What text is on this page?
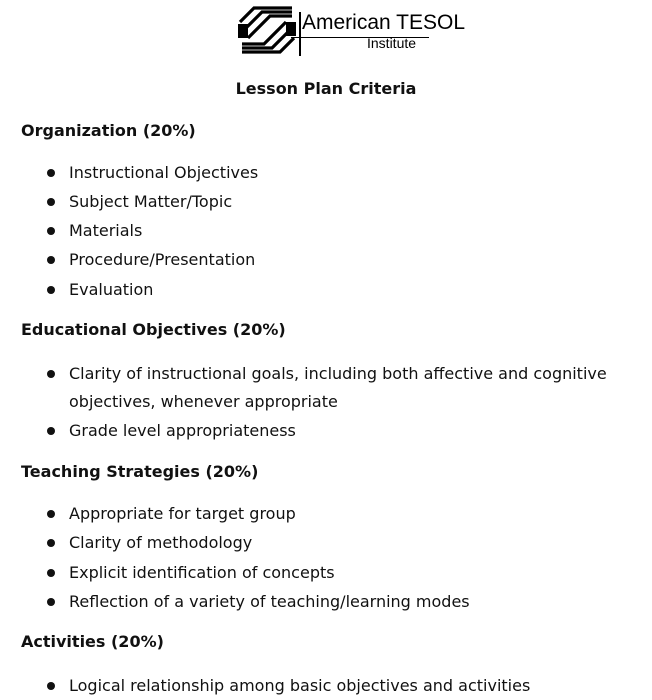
American TESOL
Institute
Lesson Plan Criteria
Organization (20%)
Instructional Objectives
Subject Matter/Topic
Materials
Procedure/Presentation
Evaluation
Educational Objectives (20%)
Clarity of instructional goals, including both affective and cognitive
objectives, whenever appropriate
Grade level appropriateness
Teaching Strategies (20%)
Appropriate for target group
Clarity of methodology
Explicit identification of concepts
Reflection of a variety of teaching/learning modes
Activities (20%)
Logical relationship among basic objectives and activities
